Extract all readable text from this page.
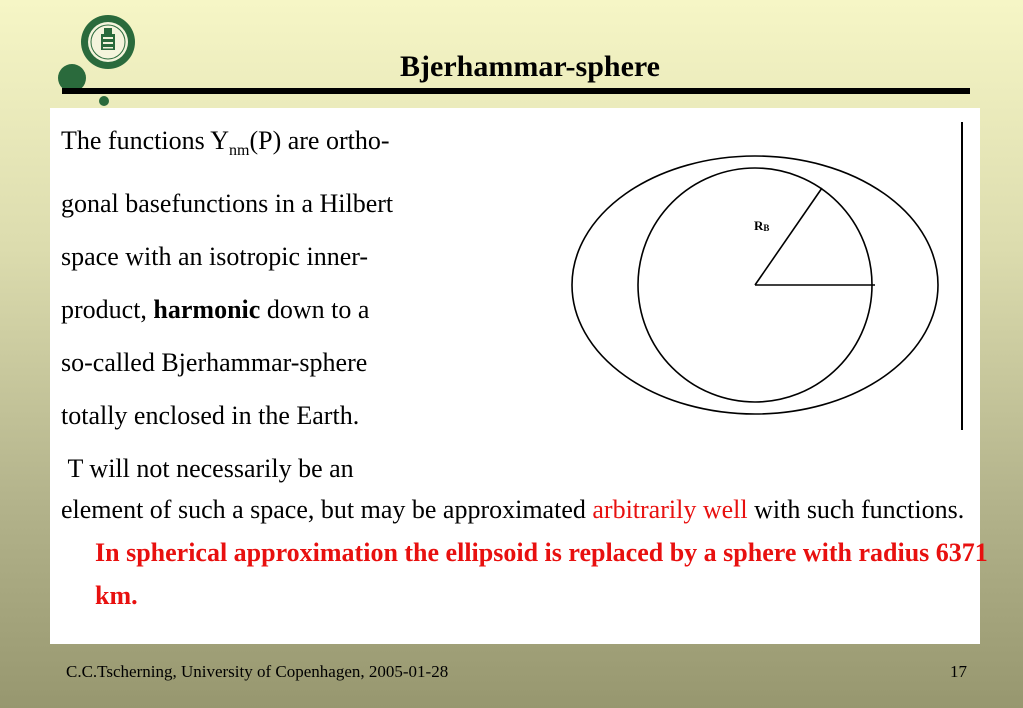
Bjerhammar-sphere
The functions $Y_{nm}(P)$ are ortho-
gonal basefunctions in a Hilbert
space with an isotropic inner-
product, harmonic down to a
so-called Bjerhammar-sphere
totally enclosed in the Earth.
T will not necessarily be an
element of such a space, but may be approximated arbitrarily well with such functions. In spherical approximation the ellipsoid is replaced by a sphere with radius 6371 km.
RB
C.C.Tscherning, University of Copenhagen, 2005-01-28	17
